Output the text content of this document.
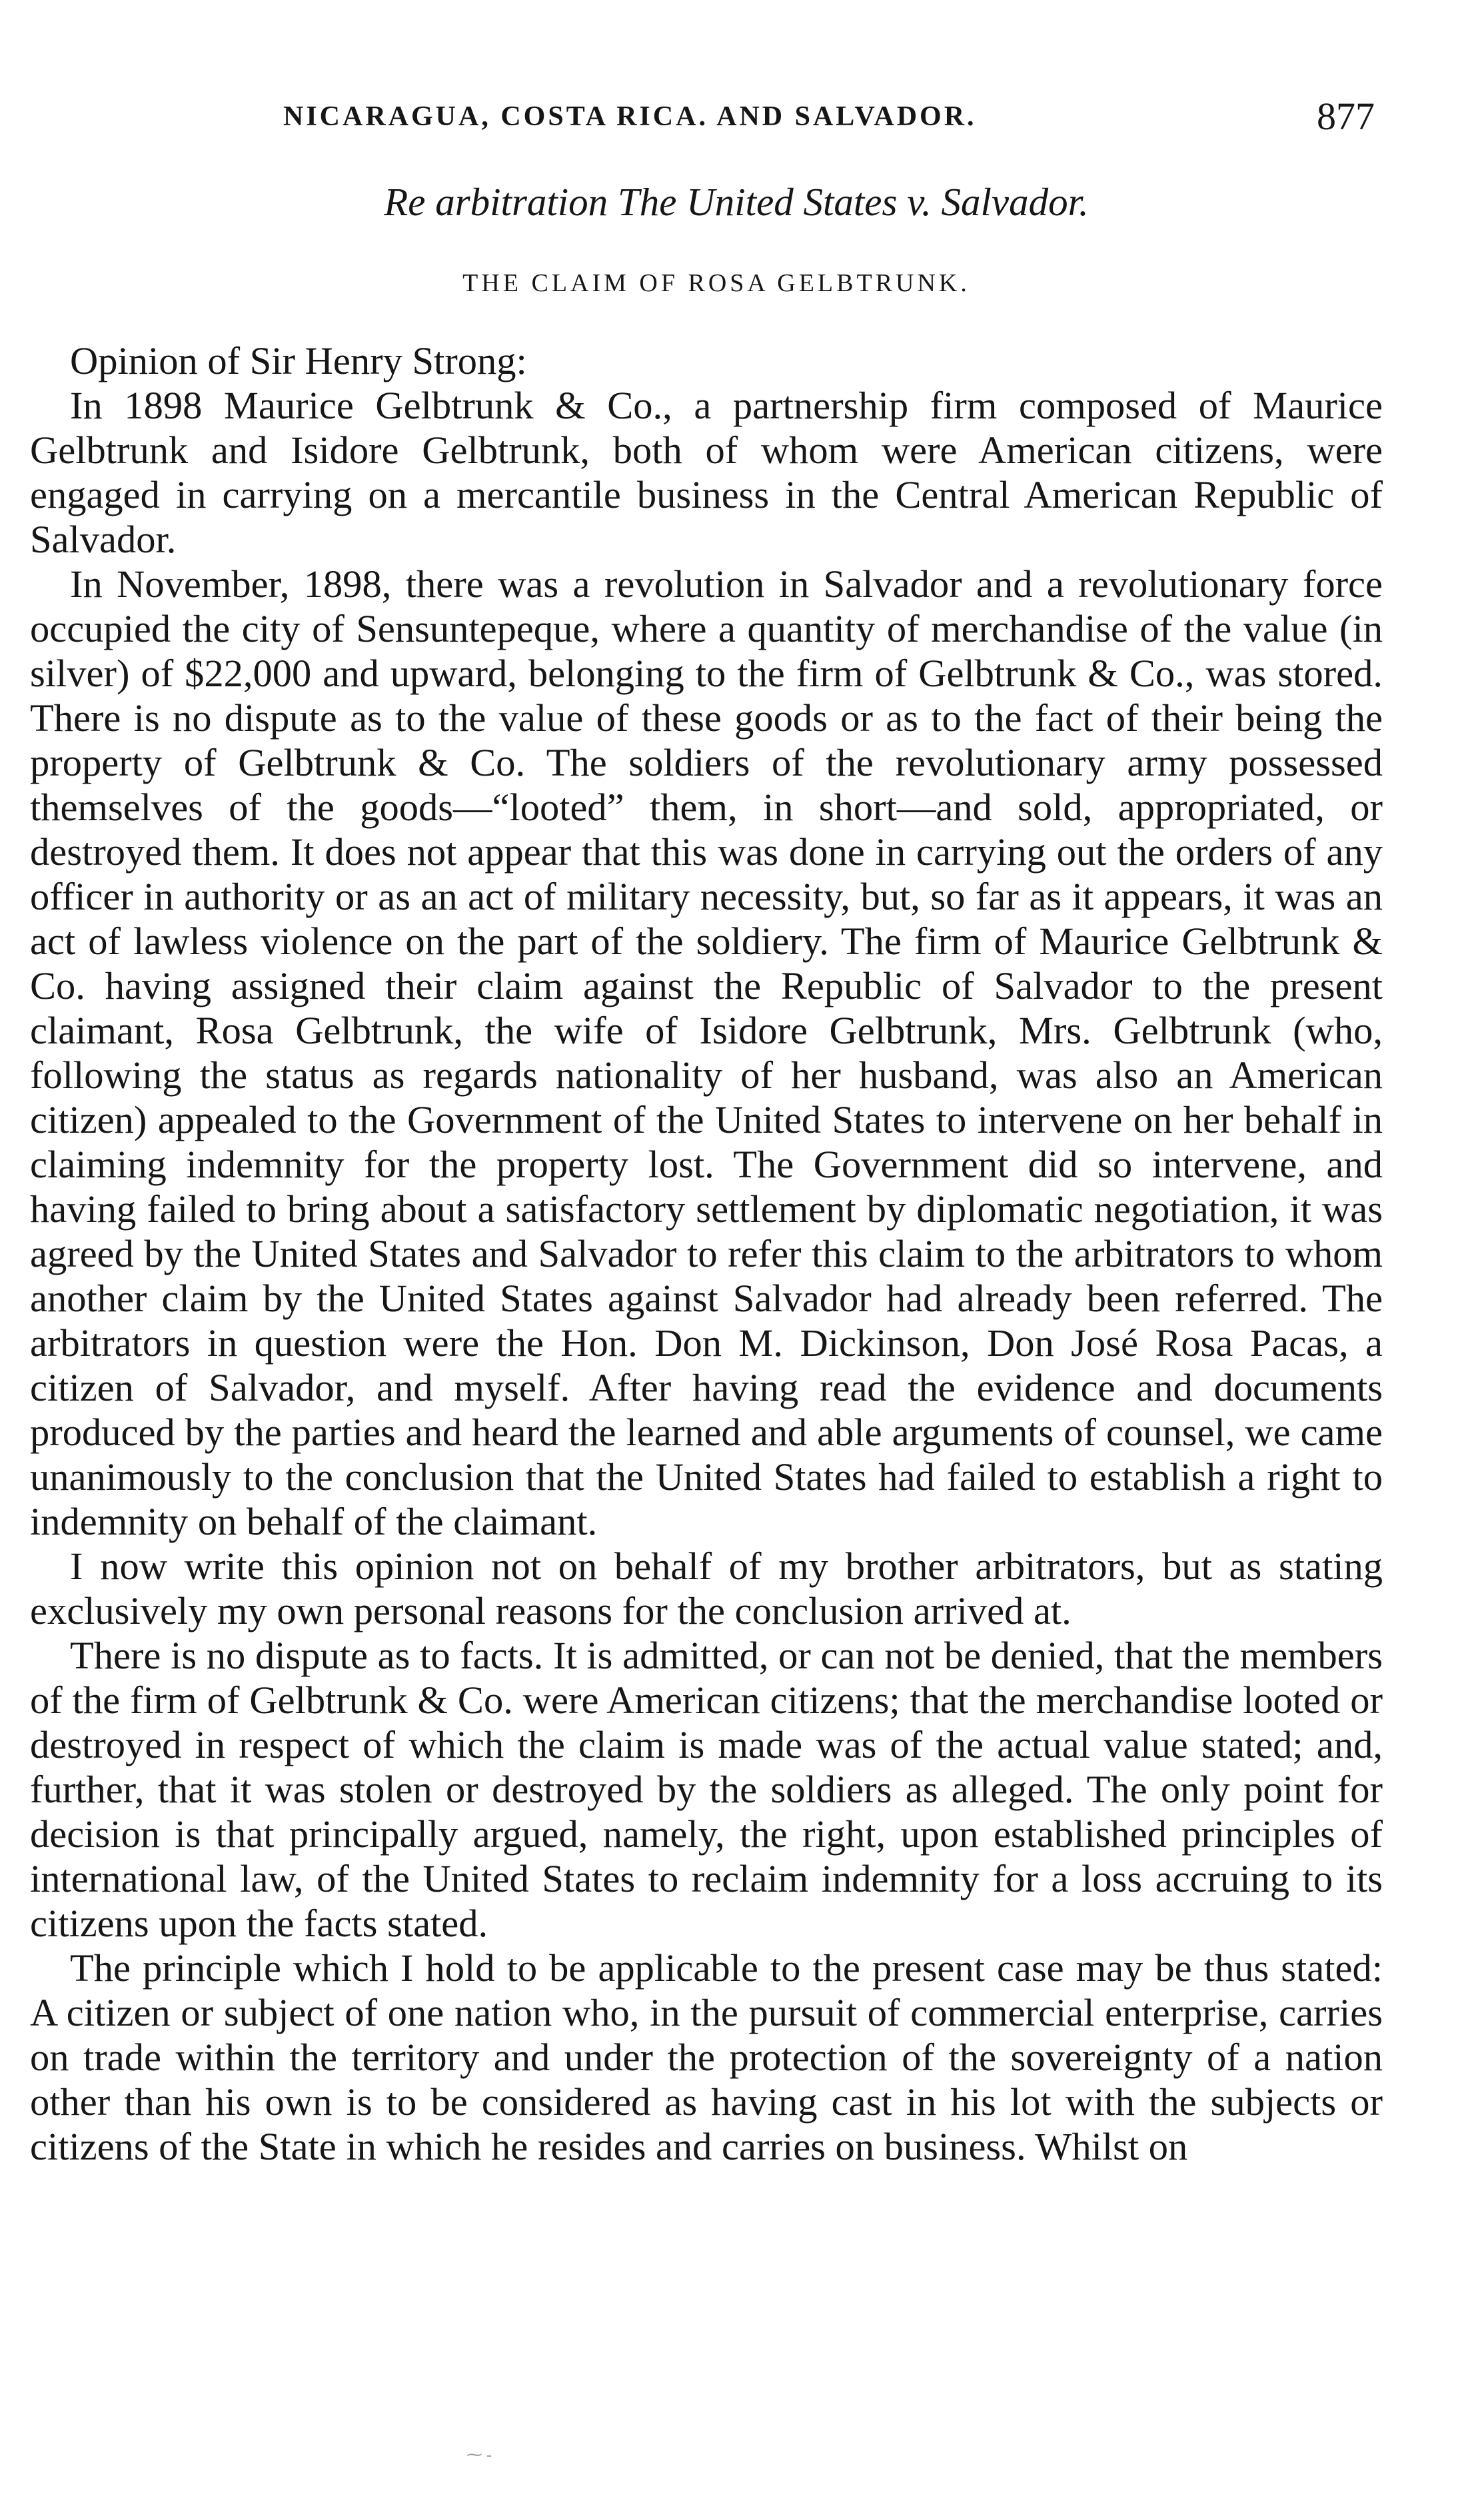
NICARAGUA, COSTA RICA. AND SALVADOR.	877
Re arbitration The United States v. Salvador.
THE CLAIM OF ROSA GELBTRUNK.

Opinion of Sir Henry Strong:

In 1898 Maurice Gelbtrunk & Co., a partnership firm composed of Maurice Gelbtrunk and Isidore Gelbtrunk, both of whom were American citizens, were engaged in carrying on a mercantile business in the Central American Republic of Salvador.

In November, 1898, there was a revolution in Salvador and a revolutionary force occupied the city of Sensuntepeque, where a quantity of merchandise of the value (in silver) of $22,000 and upward, belonging to the firm of Gelbtrunk & Co., was stored. There is no dispute as to the value of these goods or as to the fact of their being the property of Gelbtrunk & Co. The soldiers of the revolutionary army possessed themselves of the goods—“looted” them, in short—and sold, appropriated, or destroyed them. It does not appear that this was done in carrying out the orders of any officer in authority or as an act of military necessity, but, so far as it appears, it was an act of lawless violence on the part of the soldiery. The firm of Maurice Gelbtrunk & Co. having assigned their claim against the Republic of Salvador to the present claimant, Rosa Gelbtrunk, the wife of Isidore Gelbtrunk, Mrs. Gelbtrunk (who, following the status as regards nationality of her husband, was also an American citizen) appealed to the Government of the United States to intervene on her behalf in claiming indemnity for the property lost. The Government did so intervene, and having failed to bring about a satisfactory settlement by diplomatic negotiation, it was agreed by the United States and Salvador to refer this claim to the arbitrators to whom another claim by the United States against Salvador had already been referred. The arbitrators in question were the Hon. Don M. Dickinson, Don José Rosa Pacas, a citizen of Salvador, and myself. After having read the evidence and documents produced by the parties and heard the learned and able arguments of counsel, we came unanimously to the conclusion that the United States had failed to establish a right to indemnity on behalf of the claimant.

I now write this opinion not on behalf of my brother arbitrators, but as stating exclusively my own personal reasons for the conclusion arrived at.

There is no dispute as to facts. It is admitted, or can not be denied, that the members of the firm of Gelbtrunk & Co. were American citizens; that the merchandise looted or destroyed in respect of which the claim is made was of the actual value stated; and, further, that it was stolen or destroyed by the soldiers as alleged. The only point for decision is that principally argued, namely, the right, upon established principles of international law, of the United States to reclaim indemnity for a loss accruing to its citizens upon the facts stated.

The principle which I hold to be applicable to the present case may be thus stated: A citizen or subject of one nation who, in the pursuit of commercial enterprise, carries on trade within the territory and under the protection of the sovereignty of a nation other than his own is to be considered as having cast in his lot with the subjects or citizens of the State in which he resides and carries on business. Whilst on

⁓ -
